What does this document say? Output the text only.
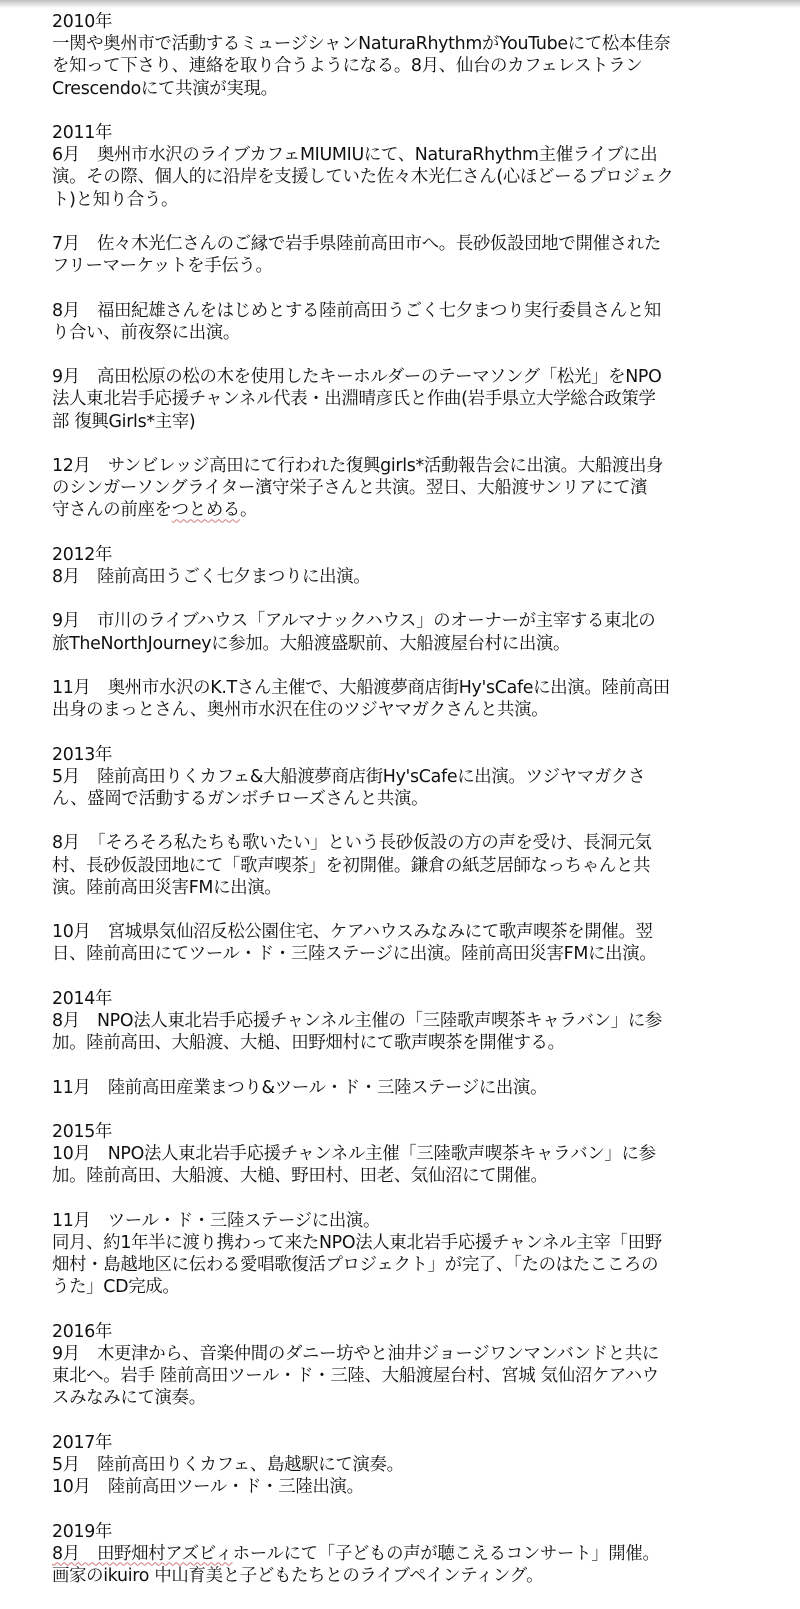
2010年
一関や奥州市で活動するミュージシャンNaturaRhythmがYouTubeにて松本佳奈
を知って下さり、連絡を取り合うようになる。8月、仙台のカフェレストラン
Crescendoにて共演が実現。
2011年
6月　奥州市水沢のライブカフェMIUMIUにて、NaturaRhythm主催ライブに出
演。その際、個人的に沿岸を支援していた佐々木光仁さん(心ほどーるプロジェク
ト)と知り合う。
7月　佐々木光仁さんのご縁で岩手県陸前高田市へ。長砂仮設団地で開催された
フリーマーケットを手伝う。
8月　福田紀雄さんをはじめとする陸前高田うごく七夕まつり実行委員さんと知
り合い、前夜祭に出演。
9月　高田松原の松の木を使用したキーホルダーのテーマソング「松光」をNPO
法人東北岩手応援チャンネル代表・出淵晴彦氏と作曲(岩手県立大学総合政策学
部 復興Girls*主宰)
12月　サンビレッジ高田にて行われた復興girls*活動報告会に出演。大船渡出身
のシンガーソングライター濱守栄子さんと共演。翌日、大船渡サンリアにて濱
守さんの前座をつとめる。
2012年
8月　陸前高田うごく七夕まつりに出演。
9月　市川のライブハウス「アルマナックハウス」のオーナーが主宰する東北の
旅TheNorthJourneyに参加。大船渡盛駅前、大船渡屋台村に出演。
11月　奥州市水沢のK.Tさん主催で、大船渡夢商店街Hy'sCafeに出演。陸前高田
出身のまっとさん、奥州市水沢在住のツジヤマガクさんと共演。
2013年
5月　陸前高田りくカフェ&大船渡夢商店街Hy'sCafeに出演。ツジヤマガクさ
ん、盛岡で活動するガンボチローズさんと共演。
8月　「そろそろ私たちも歌いたい」という長砂仮設の方の声を受け、長洞元気
村、長砂仮設団地にて「歌声喫茶」を初開催。鎌倉の紙芝居師なっちゃんと共
演。陸前高田災害FMに出演。
10月　宮城県気仙沼反松公園住宅、ケアハウスみなみにて歌声喫茶を開催。翌
日、陸前高田にてツール・ド・三陸ステージに出演。陸前高田災害FMに出演。
2014年
8月　NPO法人東北岩手応援チャンネル主催の「三陸歌声喫茶キャラバン」に参
加。陸前高田、大船渡、大槌、田野畑村にて歌声喫茶を開催する。
11月　陸前高田産業まつり&ツール・ド・三陸ステージに出演。
2015年
10月　NPO法人東北岩手応援チャンネル主催「三陸歌声喫茶キャラバン」に参
加。陸前高田、大船渡、大槌、野田村、田老、気仙沼にて開催。
11月　ツール・ド・三陸ステージに出演。
同月、約1年半に渡り携わって来たNPO法人東北岩手応援チャンネル主宰「田野
畑村・島越地区に伝わる愛唱歌復活プロジェクト」が完了、「たのはたこころの
うた」CD完成。
2016年
9月　木更津から、音楽仲間のダニー坊やと油井ジョージワンマンバンドと共に
東北へ。岩手 陸前高田ツール・ド・三陸、大船渡屋台村、宮城 気仙沼ケアハウ
スみなみにて演奏。
2017年
5月　陸前高田りくカフェ、島越駅にて演奏。
10月　陸前高田ツール・ド・三陸出演。
2019年
8月　田野畑村アズビィホールにて「子どもの声が聴こえるコンサート」開催。
画家のikuiro 中山育美と子どもたちとのライブペインティング。
